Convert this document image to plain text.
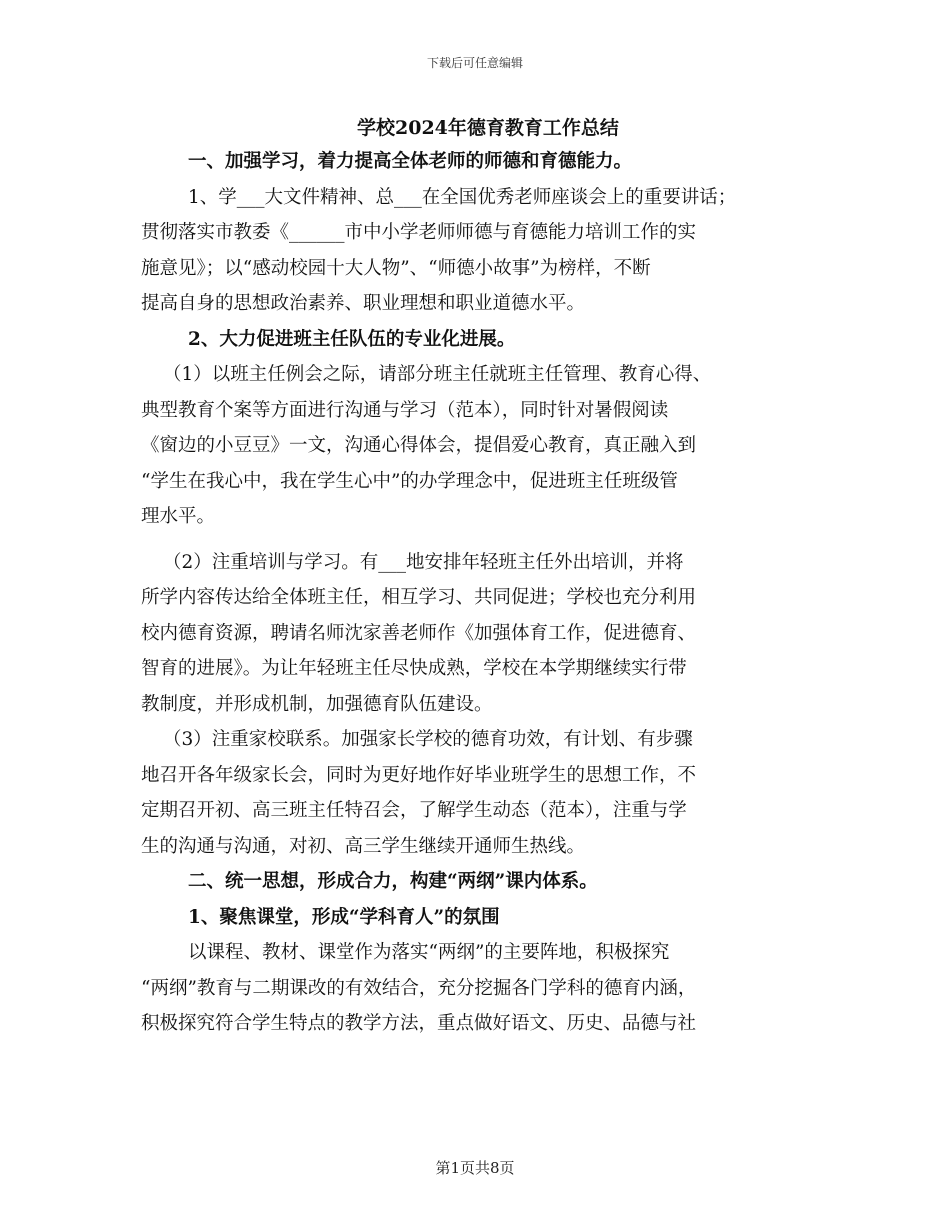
下载后可任意编辑
学校2024年德育教育工作总结
一、加强学习，着力提高全体老师的师德和育德能力。
1、学___大文件精神、总___在全国优秀老师座谈会上的重要讲话；
贯彻落实市教委《______市中小学老师师德与育德能力培训工作的实
施意见》；以“感动校园十大人物”、“师德小故事”为榜样，不断
提高自身的思想政治素养、职业理想和职业道德水平。
2、大力促进班主任队伍的专业化进展。
（1）以班主任例会之际，请部分班主任就班主任管理、教育心得、
典型教育个案等方面进行沟通与学习（范本），同时针对暑假阅读
《窗边的小豆豆》一文，沟通心得体会，提倡爱心教育，真正融入到
“学生在我心中，我在学生心中”的办学理念中，促进班主任班级管
理水平。
（2）注重培训与学习。有___地安排年轻班主任外出培训，并将
所学内容传达给全体班主任，相互学习、共同促进；学校也充分利用
校内德育资源，聘请名师沈家善老师作《加强体育工作，促进德育、
智育的进展》。为让年轻班主任尽快成熟，学校在本学期继续实行带
教制度，并形成机制，加强德育队伍建设。
（3）注重家校联系。加强家长学校的德育功效，有计划、有步骤
地召开各年级家长会，同时为更好地作好毕业班学生的思想工作，不
定期召开初、高三班主任特召会，了解学生动态（范本），注重与学
生的沟通与沟通，对初、高三学生继续开通师生热线。
二、统一思想，形成合力，构建“两纲”课内体系。
1、聚焦课堂，形成“学科育人”的氛围
以课程、教材、课堂作为落实“两纲”的主要阵地，积极探究
“两纲”教育与二期课改的有效结合，充分挖掘各门学科的德育内涵，
积极探究符合学生特点的教学方法，重点做好语文、历史、品德与社
第1页共8页
